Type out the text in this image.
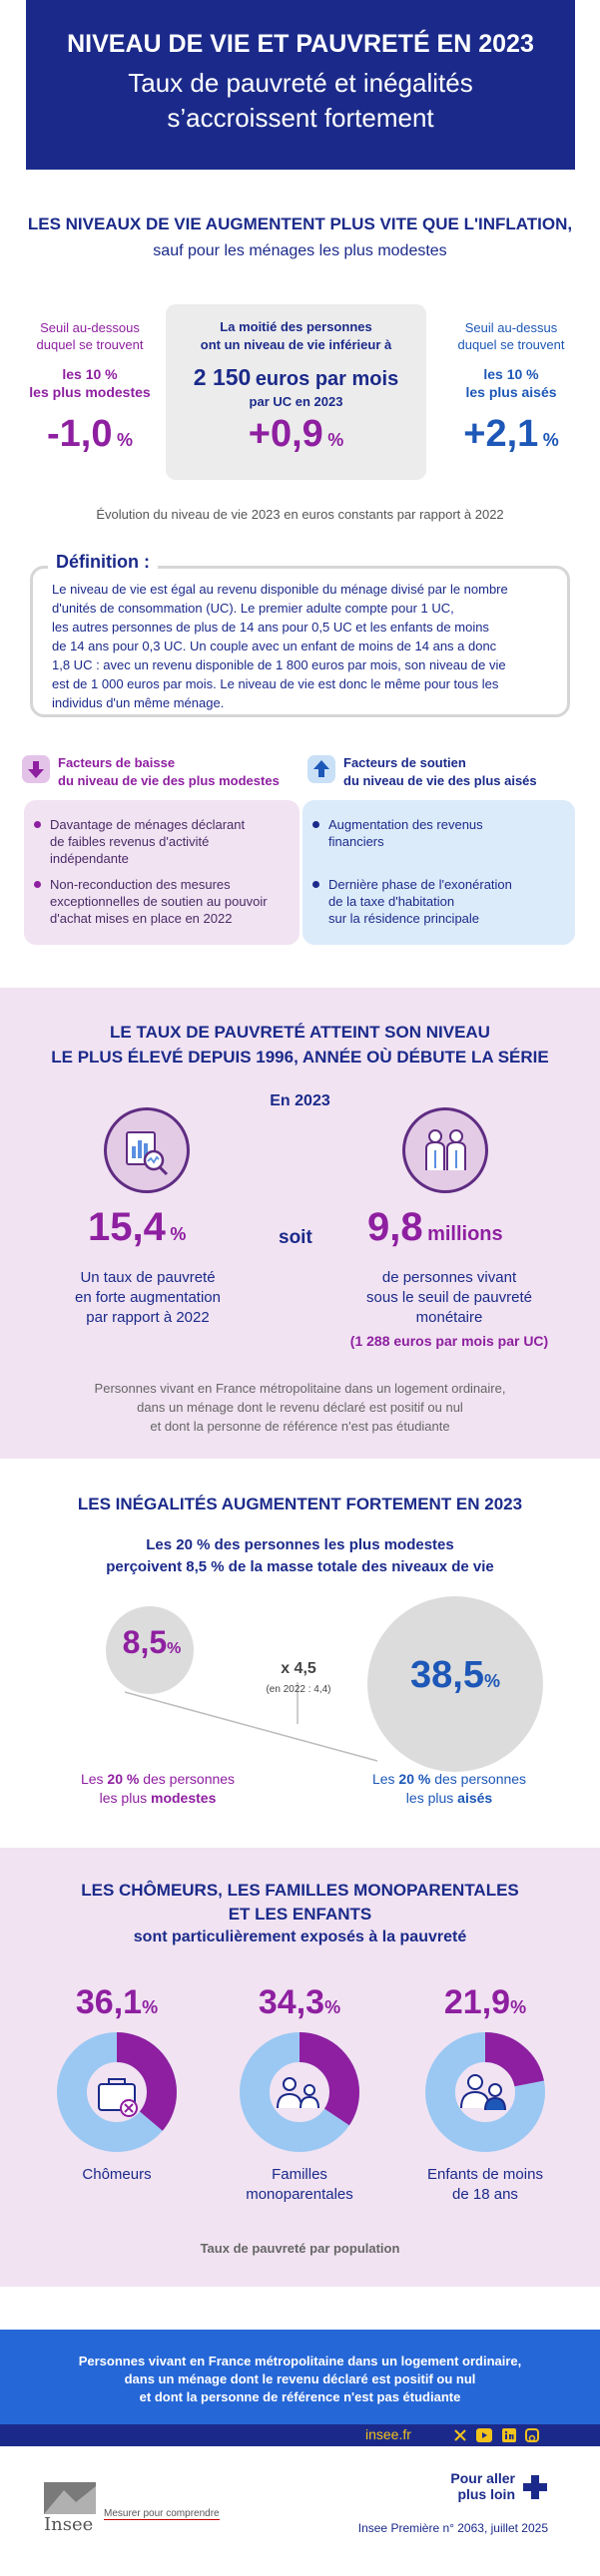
NIVEAU DE VIE ET PAUVRETÉ EN 2023
Taux de pauvreté et inégalités
s’accroissent fortement
LES NIVEAUX DE VIE AUGMENTENT PLUS VITE QUE L'INFLATION,
sauf pour les ménages les plus modestes
Seuil au-dessous
duquel se trouvent
les 10 %
les plus modestes
-1,0 %
La moitié des personnes
ont un niveau de vie inférieur à
2 150 euros par mois
par UC en 2023
+0,9 %
Seuil au-dessus
duquel se trouvent
les 10 %
les plus aisés
+2,1 %
Évolution du niveau de vie 2023 en euros constants par rapport à 2022
Définition :
Le niveau de vie est égal au revenu disponible du ménage divisé par le nombre
d'unités de consommation (UC). Le premier adulte compte pour 1 UC,
les autres personnes de plus de 14 ans pour 0,5 UC et les enfants de moins
de 14 ans pour 0,3 UC. Un couple avec un enfant de moins de 14 ans a donc
1,8 UC : avec un revenu disponible de 1 800 euros par mois, son niveau de vie
est de 1 000 euros par mois. Le niveau de vie est donc le même pour tous les
individus d'un même ménage.
Facteurs de baisse
du niveau de vie des plus modestes
Facteurs de soutien
du niveau de vie des plus aisés
Davantage de ménages déclarant
de faibles revenus d'activité
indépendante
Non-reconduction des mesures
exceptionnelles de soutien au pouvoir
d'achat mises en place en 2022
Augmentation des revenus
financiers
Dernière phase de l'exonération
de la taxe d'habitation
sur la résidence principale
LE TAUX DE PAUVRETÉ ATTEINT SON NIVEAU
LE PLUS ÉLEVÉ DEPUIS 1996, ANNÉE OÙ DÉBUTE LA SÉRIE
En 2023
15,4 %
Un taux de pauvreté
en forte augmentation
par rapport à 2022
soit 9,8 millions
de personnes vivant
sous le seuil de pauvreté
monétaire
(1 288 euros par mois par UC)
Personnes vivant en France métropolitaine dans un logement ordinaire,
dans un ménage dont le revenu déclaré est positif ou nul
et dont la personne de référence n'est pas étudiante
LES INÉGALITÉS AUGMENTENT FORTEMENT EN 2023
Les 20 % des personnes les plus modestes
perçoivent 8,5 % de la masse totale des niveaux de vie
8,5%
x 4,5
(en 2022 : 4,4)	38,5%
Les 20 % des personnes
les plus modestes
Les 20 % des personnes
les plus aisés
LES CHÔMEURS, LES FAMILLES MONOPARENTALES
ET LES ENFANTS
sont particulièrement exposés à la pauvreté
36,1%
Chômeurs
34,3%
Familles
monoparentales
21,9%
Enfants de moins
de 18 ans
Taux de pauvreté par population
Personnes vivant en France métropolitaine dans un logement ordinaire,
dans un ménage dont le revenu déclaré est positif ou nul
et dont la personne de référence n'est pas étudiante
insee.fr
Insee
Mesurer pour comprendre
Pour aller
plus loin
Insee Première n° 2063, juillet 2025
